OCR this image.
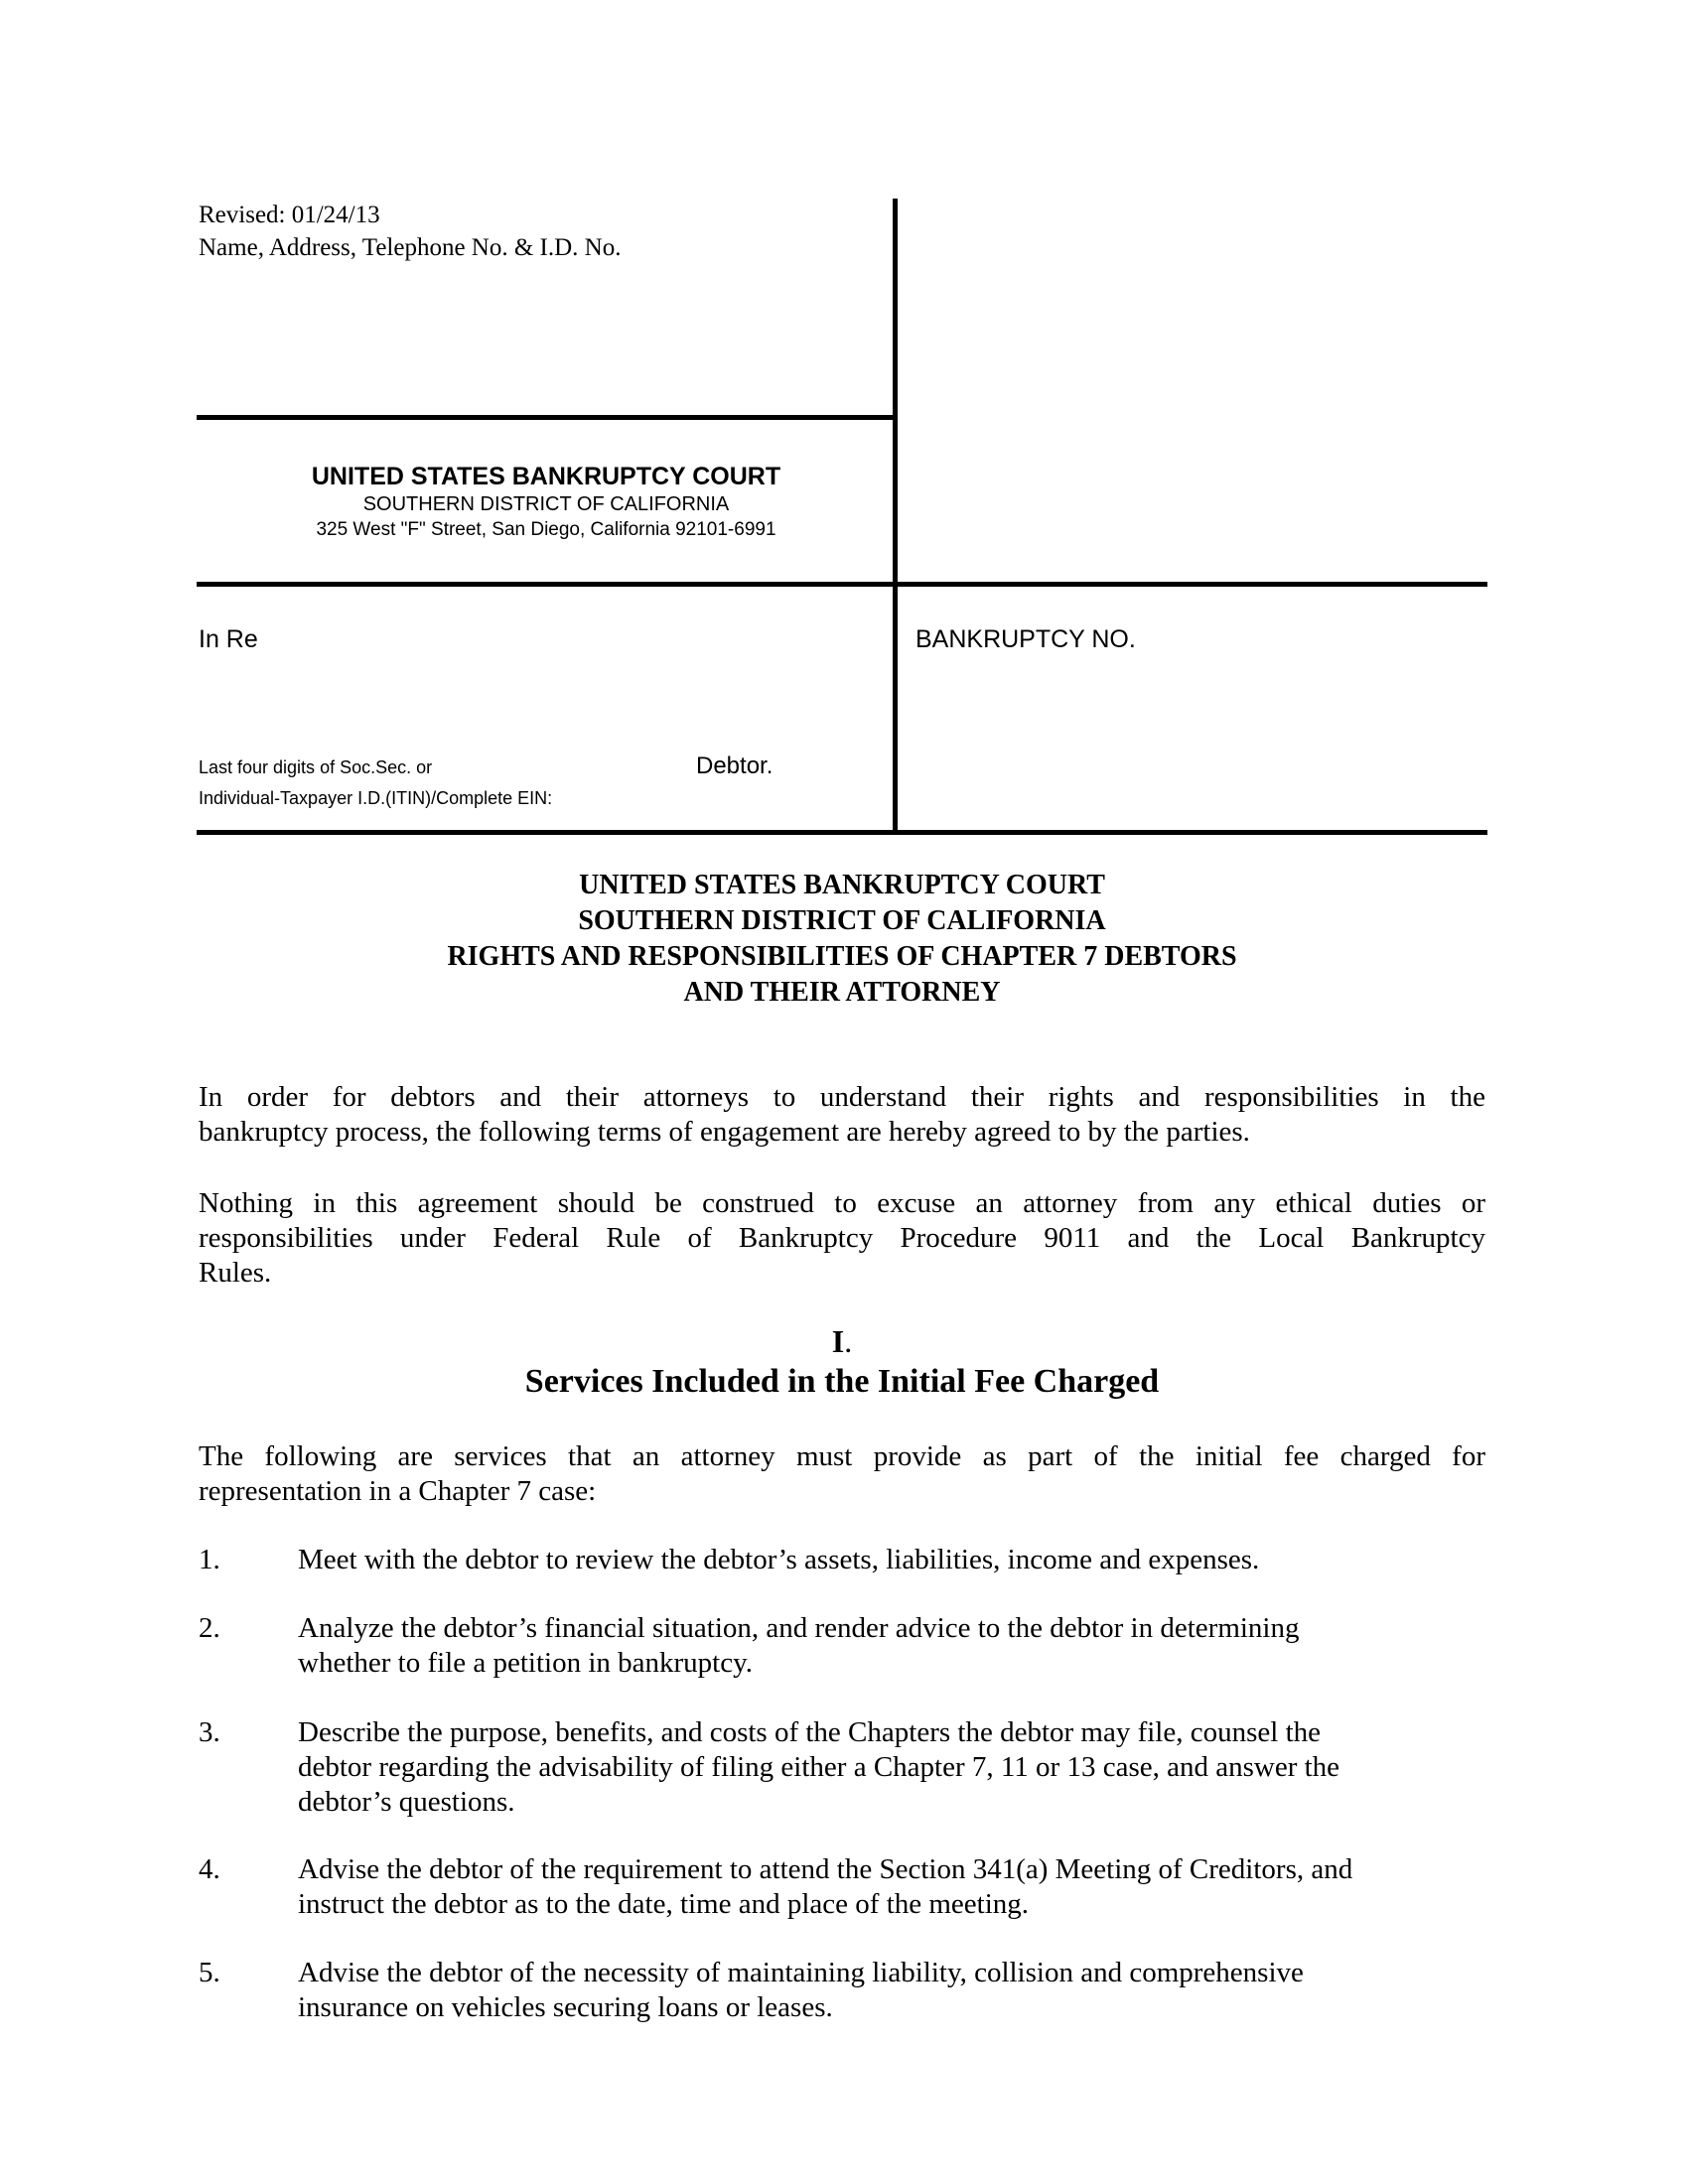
Revised: 01/24/13
Name, Address, Telephone No. & I.D. No.
UNITED STATES BANKRUPTCY COURT
SOUTHERN DISTRICT OF CALIFORNIA
325 West "F" Street, San Diego, California 92101-6991
In Re	BANKRUPTCY NO.
Last four digits of Soc.Sec. or
Individual-Taxpayer I.D.(ITIN)/Complete EIN:
Debtor.
UNITED STATES BANKRUPTCY COURT
SOUTHERN DISTRICT OF CALIFORNIA
RIGHTS AND RESPONSIBILITIES OF CHAPTER 7 DEBTORS
AND THEIR ATTORNEY
In order for debtors and their attorneys to understand their rights and responsibilities in the
bankruptcy process, the following terms of engagement are hereby agreed to by the parties.
Nothing in this agreement should be construed to excuse an attorney from any ethical duties or
responsibilities under Federal Rule of Bankruptcy Procedure 9011 and the Local Bankruptcy
Rules.
I.
Services Included in the Initial Fee Charged
The following are services that an attorney must provide as part of the initial fee charged for
representation in a Chapter 7 case:
1.	Meet with the debtor to review the debtor’s assets, liabilities, income and expenses.
2.	Analyze the debtor’s financial situation, and render advice to the debtor in determining
whether to file a petition in bankruptcy.
3.	Describe the purpose, benefits, and costs of the Chapters the debtor may file, counsel the
debtor regarding the advisability of filing either a Chapter 7, 11 or 13 case, and answer the
debtor’s questions.
4.	Advise the debtor of the requirement to attend the Section 341(a) Meeting of Creditors, and
instruct the debtor as to the date, time and place of the meeting.
5.	Advise the debtor of the necessity of maintaining liability, collision and comprehensive
insurance on vehicles securing loans or leases.
